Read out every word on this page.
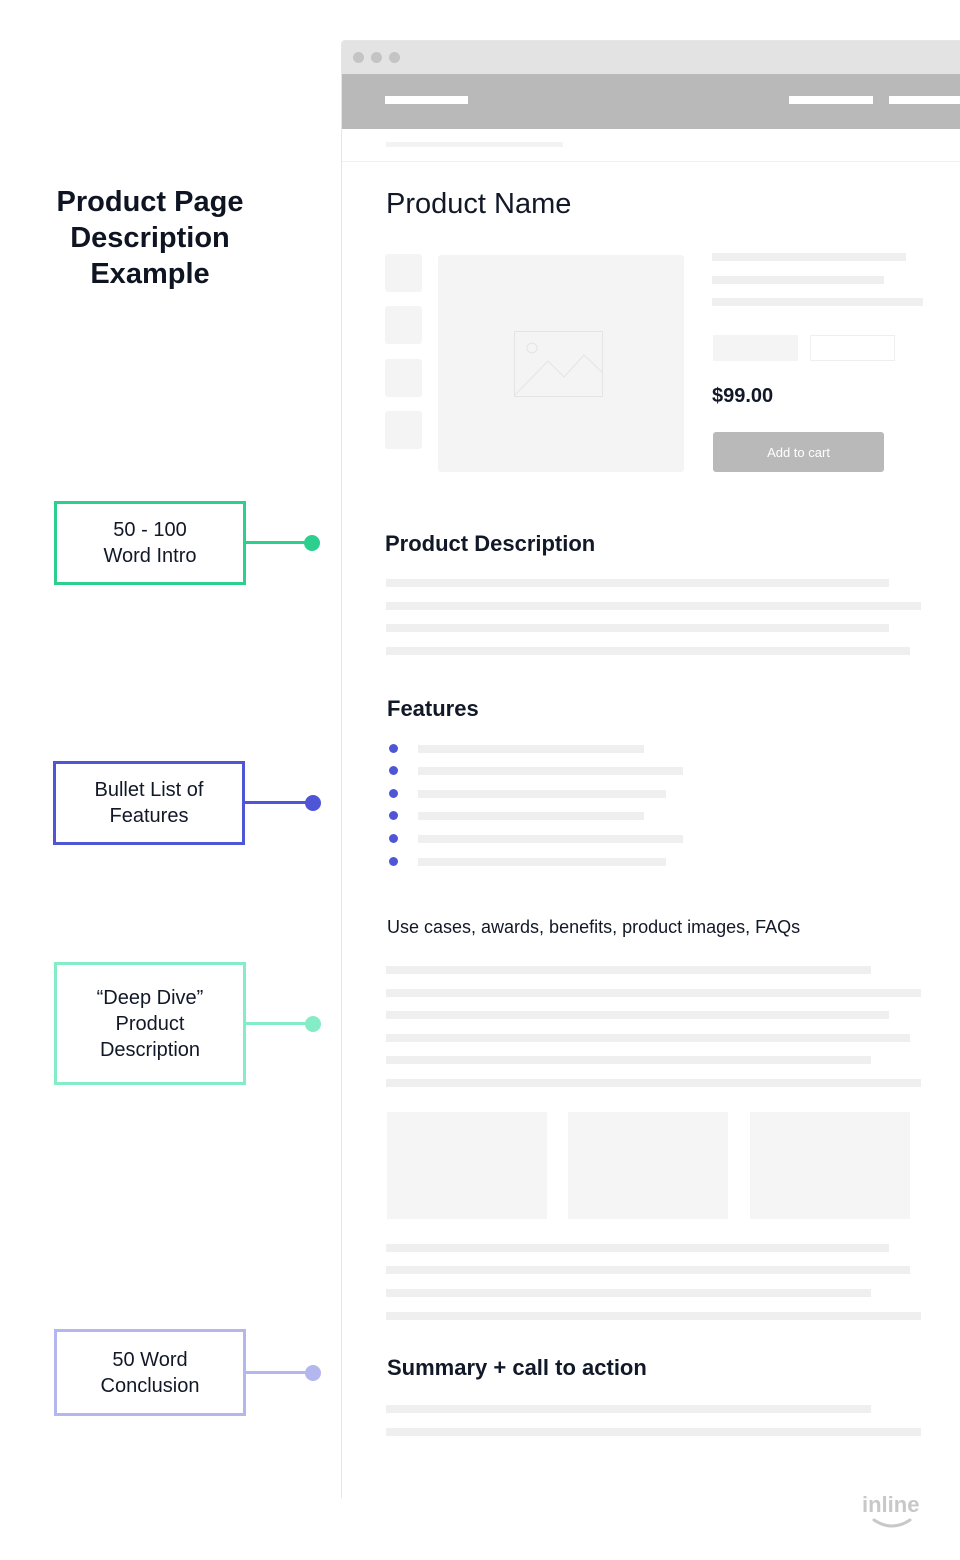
Product Page
Description
Example
50 - 100
Word Intro
Bullet List of
Features
“Deep Dive”
Product
Description
50 Word
Conclusion
Product Name
$99.00
Add to cart
Product Description
Features
Use cases, awards, benefits, product images, FAQs
Summary + call to action
inline
